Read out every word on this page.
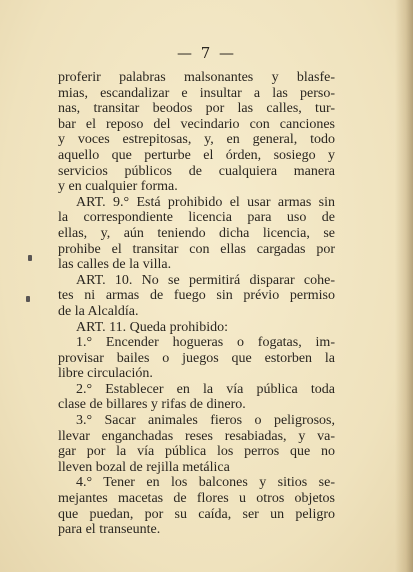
— 7 —
proferir palabras malsonantes y blasfe-
mias, escandalizar e insultar a las perso-
nas, transitar beodos por las calles, tur-
bar el reposo del vecindario con canciones
y voces estrepitosas, y, en general, todo
aquello que perturbe el órden, sosiego y
servicios públicos de cualquiera manera
y en cualquier forma.
ART. 9.° Está prohibido el usar armas sin
la correspondiente licencia para uso de
ellas, y, aún teniendo dicha licencia, se
prohibe el transitar con ellas cargadas por
las calles de la villa.
ART. 10. No se permitirá disparar cohe-
tes ni armas de fuego sin prévio permiso
de la Alcaldía.
ART. 11. Queda prohibido:
1.° Encender hogueras o fogatas, im-
provisar bailes o juegos que estorben la
libre circulación.
2.° Establecer en la vía pública toda
clase de billares y rifas de dinero.
3.° Sacar animales fieros o peligrosos,
llevar enganchadas reses resabiadas, y va-
gar por la vía pública los perros que no
lleven bozal de rejilla metálica
4.° Tener en los balcones y sitios se-
mejantes macetas de flores u otros objetos
que puedan, por su caída, ser un peligro
para el transeunte.
